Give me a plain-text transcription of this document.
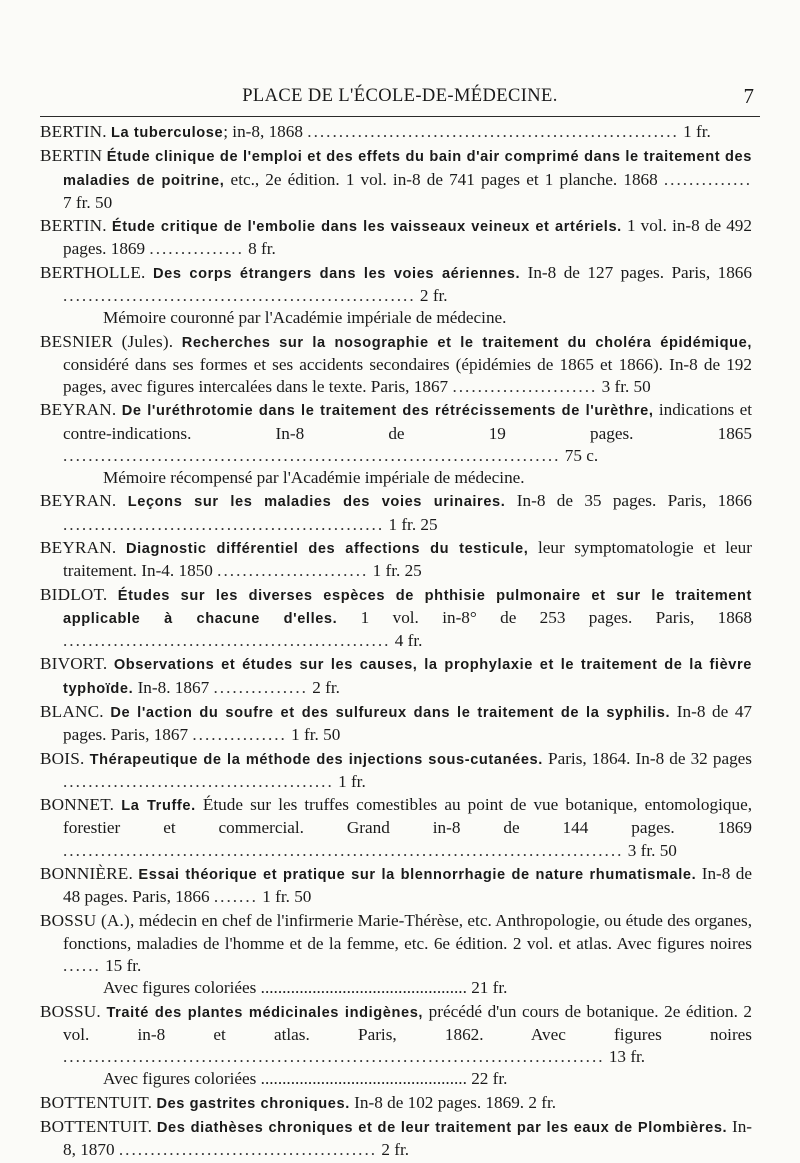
PLACE DE L'ÉCOLE-DE-MÉDECINE.	7

BERTIN. La tuberculose; in-8, 1868 ........................................................... 1 fr.

BERTIN Étude clinique de l'emploi et des effets du bain d'air comprimé dans le traitement des maladies de poitrine, etc., 2e édition. 1 vol. in-8 de 741 pages et 1 planche. 1868 .............. 7 fr. 50

BERTIN. Étude critique de l'embolie dans les vaisseaux veineux et artériels. 1 vol. in-8 de 492 pages. 1869 ............... 8 fr.

BERTHOLLE. Des corps étrangers dans les voies aériennes. In-8 de 127 pages. Paris, 1866 ........................................................ 2 fr.
Mémoire couronné par l'Académie impériale de médecine.

BESNIER (Jules). Recherches sur la nosographie et le traitement du choléra épidémique, considéré dans ses formes et ses accidents secondaires (épidémies de 1865 et 1866). In-8 de 192 pages, avec figures intercalées dans le texte. Paris, 1867 ....................... 3 fr. 50

BEYRAN. De l'uréthrotomie dans le traitement des rétrécissements de l'urèthre, indications et contre-indications. In-8 de 19 pages. 1865 ............................................................................... 75 c.
Mémoire récompensé par l'Académie impériale de médecine.

BEYRAN. Leçons sur les maladies des voies urinaires. In-8 de 35 pages. Paris, 1866 ................................................... 1 fr. 25

BEYRAN. Diagnostic différentiel des affections du testicule, leur symptomatologie et leur traitement. In-4. 1850 ........................ 1 fr. 25

BIDLOT. Études sur les diverses espèces de phthisie pulmonaire et sur le traitement applicable à chacune d'elles. 1 vol. in-8° de 253 pages. Paris, 1868 .................................................... 4 fr.

BIVORT. Observations et études sur les causes, la prophylaxie et le traitement de la fièvre typhoïde. In-8. 1867 ............... 2 fr.

BLANC. De l'action du soufre et des sulfureux dans le traitement de la syphilis. In-8 de 47 pages. Paris, 1867 ............... 1 fr. 50

BOIS. Thérapeutique de la méthode des injections sous-cutanées. Paris, 1864. In-8 de 32 pages ........................................... 1 fr.

BONNET. La Truffe. Étude sur les truffes comestibles au point de vue botanique, entomologique, forestier et commercial. Grand in-8 de 144 pages. 1869 ......................................................................................... 3 fr. 50

BONNIÈRE. Essai théorique et pratique sur la blennorrhagie de nature rhumatismale. In-8 de 48 pages. Paris, 1866 ....... 1 fr. 50

BOSSU (A.), médecin en chef de l'infirmerie Marie-Thérèse, etc. Anthropologie, ou étude des organes, fonctions, maladies de l'homme et de la femme, etc. 6e édition. 2 vol. et atlas. Avec figures noires ...... 15 fr.
Avec figures coloriées ................................................ 21 fr.

BOSSU. Traité des plantes médicinales indigènes, précédé d'un cours de botanique. 2e édition. 2 vol. in-8 et atlas. Paris, 1862. Avec figures noires ...................................................................................... 13 fr.
Avec figures coloriées ................................................ 22 fr.

BOTTENTUIT. Des gastrites chroniques. In-8 de 102 pages. 1869. 2 fr.

BOTTENTUIT. Des diathèses chroniques et de leur traitement par les eaux de Plombières. In-8, 1870 ......................................... 2 fr.
